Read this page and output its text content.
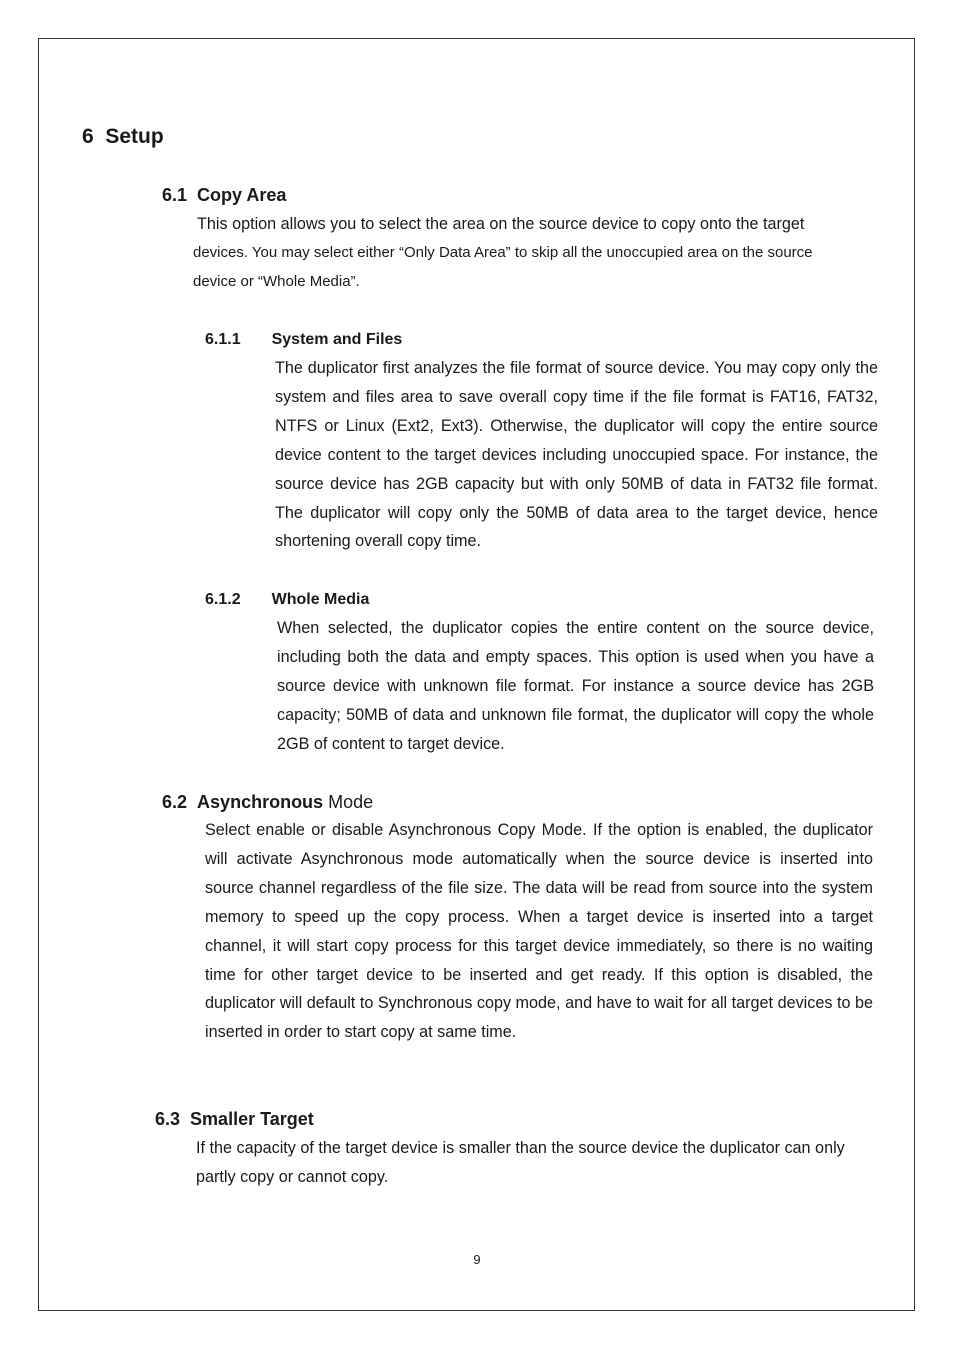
6 Setup
6.1 Copy Area

This option allows you to select the area on the source device to copy onto the target

devices. You may select either “Only Data Area” to skip all the unoccupied area on the source device or “Whole Media”.

6.1.1 System and Files

The duplicator first analyzes the file format of source device. You may copy only the system and files area to save overall copy time if the file format is FAT16, FAT32, NTFS or Linux (Ext2, Ext3). Otherwise, the duplicator will copy the entire source device content to the target devices including unoccupied space. For instance, the source device has 2GB capacity but with only 50MB of data in FAT32 file format. The duplicator will copy only the 50MB of data area to the target device, hence shortening overall copy time.

6.1.2 Whole Media

When selected, the duplicator copies the entire content on the source device, including both the data and empty spaces. This option is used when you have a source device with unknown file format. For instance a source device has 2GB capacity; 50MB of data and unknown file format, the duplicator will copy the whole 2GB of content to target device.

6.2 Asynchronous Mode

Select enable or disable Asynchronous Copy Mode. If the option is enabled, the duplicator will activate Asynchronous mode automatically when the source device is inserted into source channel regardless of the file size. The data will be read from source into the system memory to speed up the copy process. When a target device is inserted into a target channel, it will start copy process for this target device immediately, so there is no waiting time for other target device to be inserted and get ready. If this option is disabled, the duplicator will default to Synchronous copy mode, and have to wait for all target devices to be inserted in order to start copy at same time.

6.3 Smaller Target

If the capacity of the target device is smaller than the source device the duplicator can only partly copy or cannot copy.

9
